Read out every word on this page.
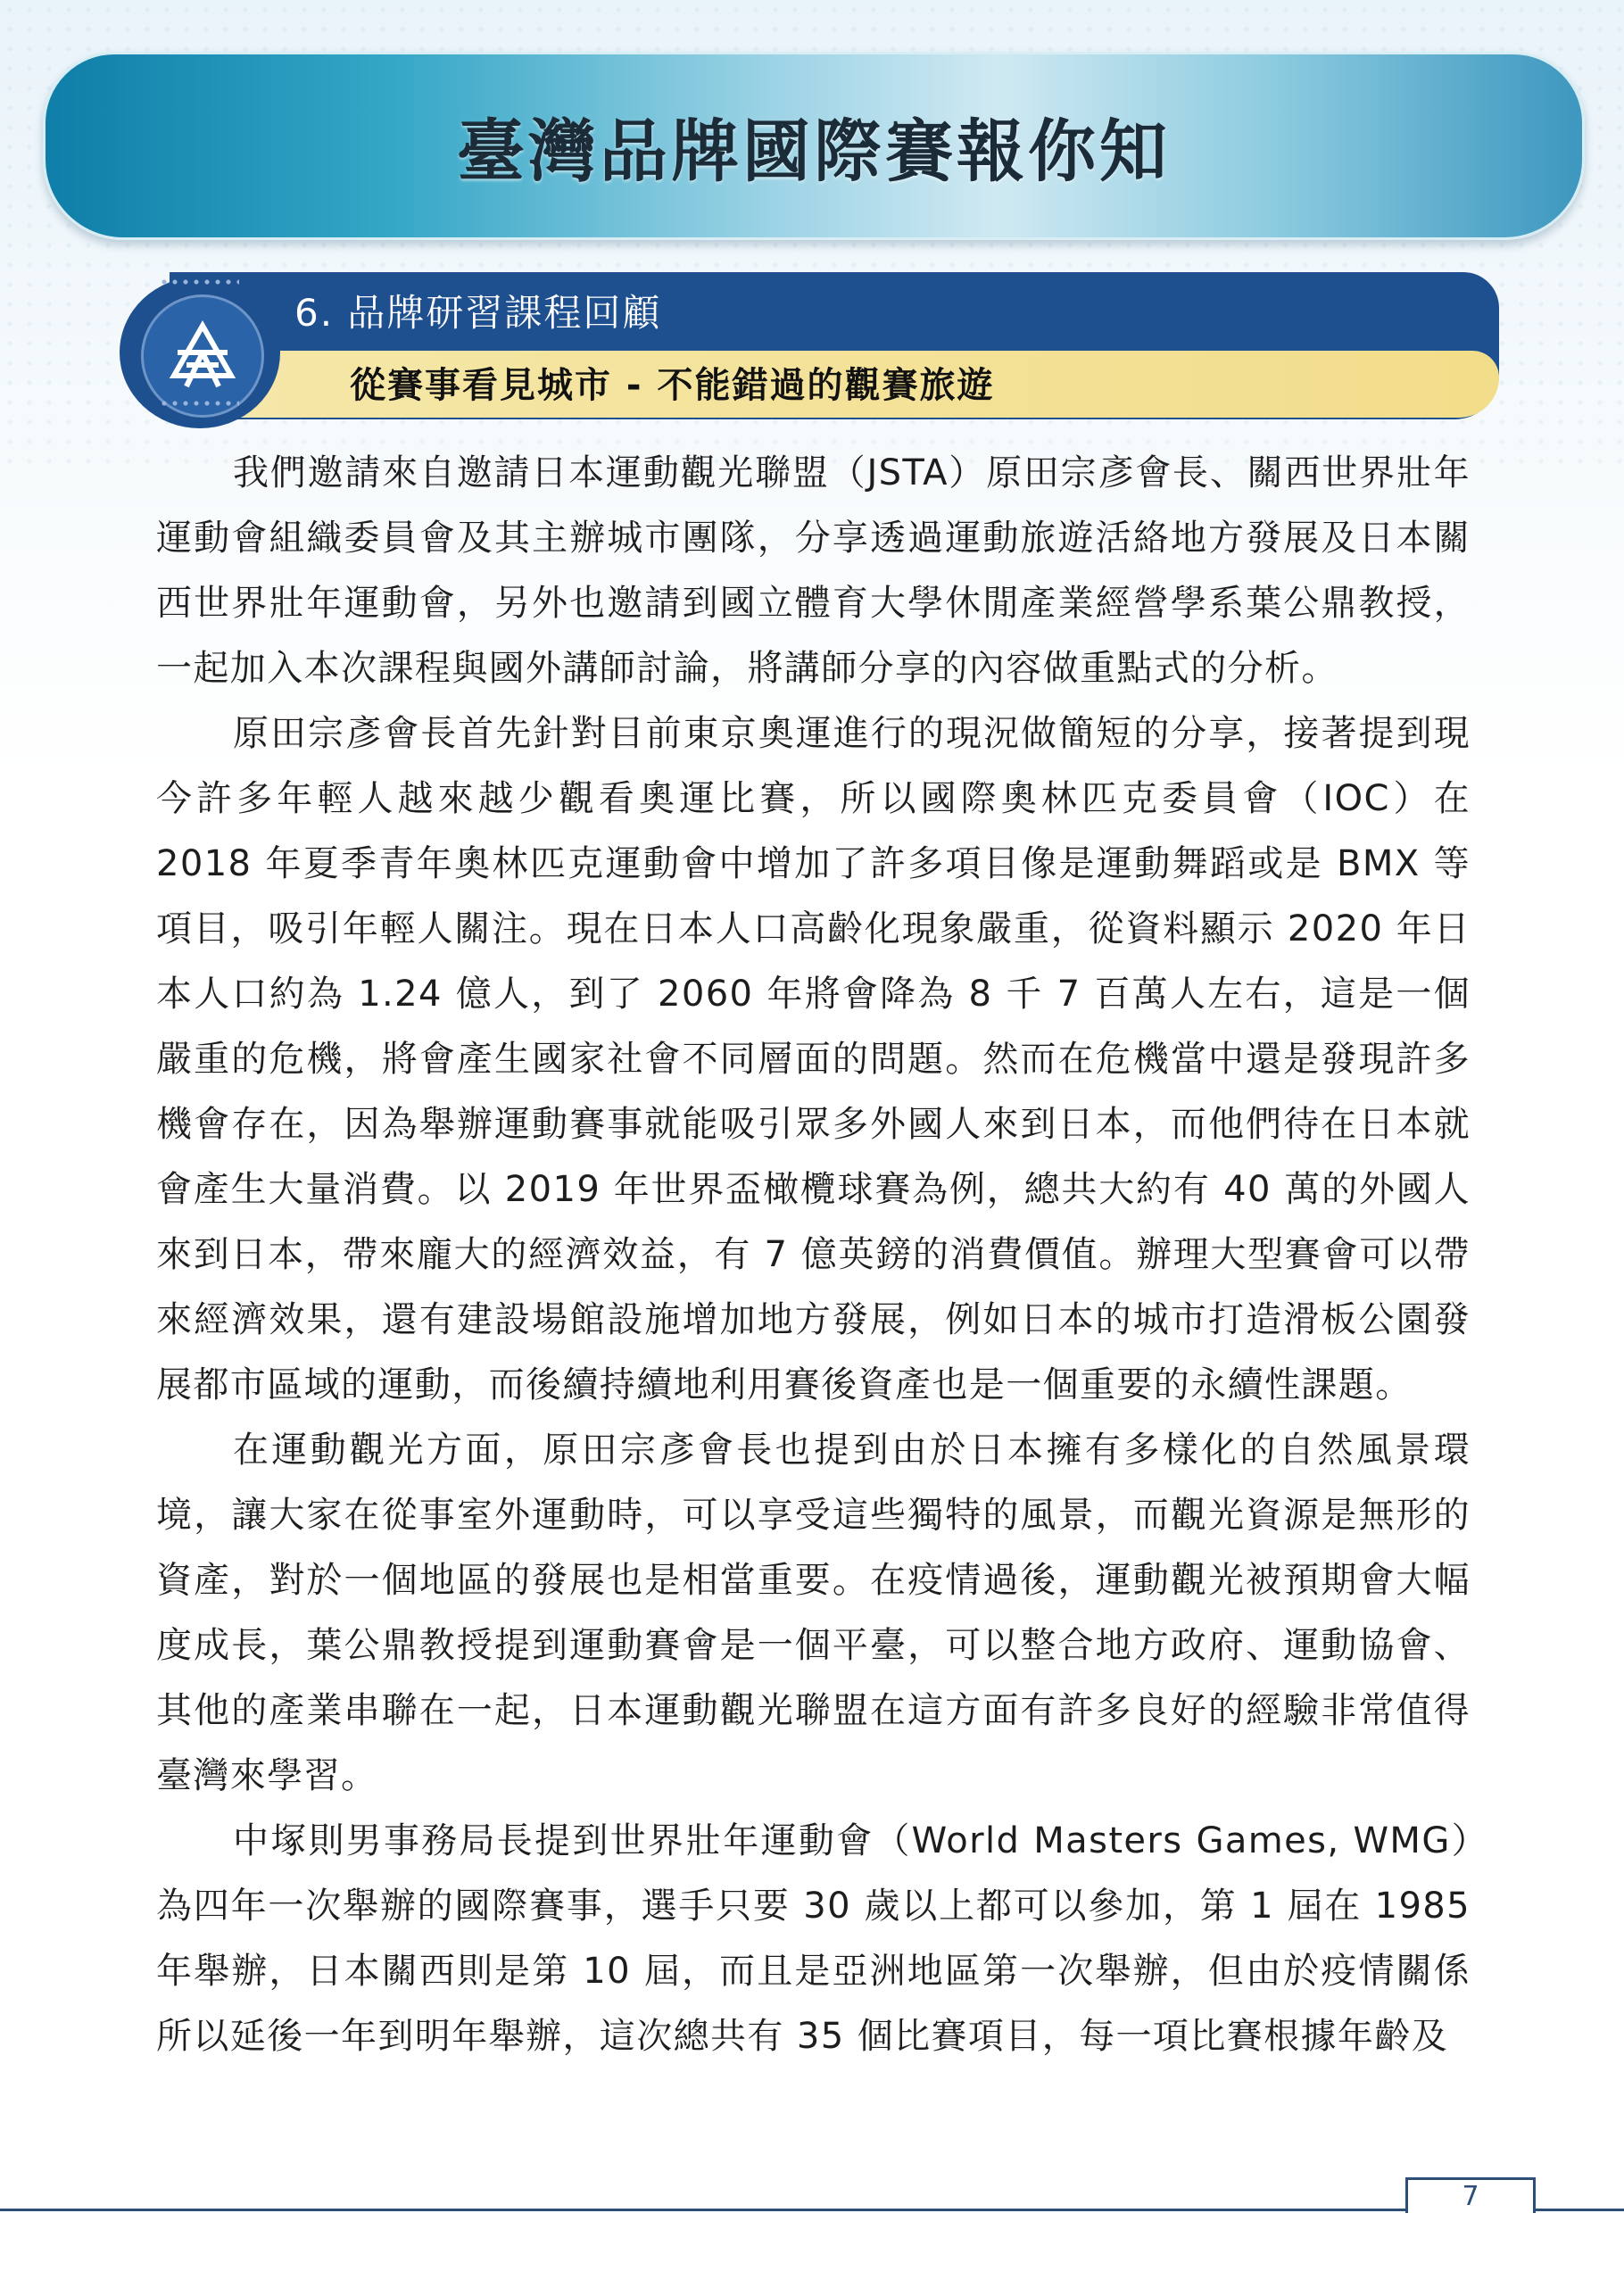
臺灣品牌國際賽報你知
6. 品牌研習課程回顧
從賽事看見城市 - 不能錯過的觀賽旅遊

我們邀請來自邀請日本運動觀光聯盟（JSTA）原田宗彥會長、關西世界壯年運動會組織委員會及其主辦城市團隊，分享透過運動旅遊活絡地方發展及日本關西世界壯年運動會，另外也邀請到國立體育大學休閒產業經營學系葉公鼎教授，一起加入本次課程與國外講師討論，將講師分享的內容做重點式的分析。

原田宗彥會長首先針對目前東京奧運進行的現況做簡短的分享，接著提到現今許多年輕人越來越少觀看奧運比賽，所以國際奧林匹克委員會（IOC）在 2018 年夏季青年奧林匹克運動會中增加了許多項目像是運動舞蹈或是 BMX 等項目，吸引年輕人關注。現在日本人口高齡化現象嚴重，從資料顯示 2020 年日本人口約為 1.24 億人，到了 2060 年將會降為 8 千 7 百萬人左右，這是一個嚴重的危機，將會產生國家社會不同層面的問題。然而在危機當中還是發現許多機會存在，因為舉辦運動賽事就能吸引眾多外國人來到日本，而他們待在日本就會產生大量消費。以 2019 年世界盃橄欖球賽為例，總共大約有 40 萬的外國人來到日本，帶來龐大的經濟效益，有 7 億英鎊的消費價值。辦理大型賽會可以帶來經濟效果，還有建設場館設施增加地方發展，例如日本的城市打造滑板公園發展都市區域的運動，而後續持續地利用賽後資產也是一個重要的永續性課題。

在運動觀光方面，原田宗彥會長也提到由於日本擁有多樣化的自然風景環境，讓大家在從事室外運動時，可以享受這些獨特的風景，而觀光資源是無形的資產，對於一個地區的發展也是相當重要。在疫情過後，運動觀光被預期會大幅度成長，葉公鼎教授提到運動賽會是一個平臺，可以整合地方政府、運動協會、其他的產業串聯在一起，日本運動觀光聯盟在這方面有許多良好的經驗非常值得臺灣來學習。

中塚則男事務局長提到世界壯年運動會（World Masters Games, WMG）為四年一次舉辦的國際賽事，選手只要 30 歲以上都可以參加，第 1 屆在 1985 年舉辦，日本關西則是第 10 屆，而且是亞洲地區第一次舉辦，但由於疫情關係所以延後一年到明年舉辦，這次總共有 35 個比賽項目，每一項比賽根據年齡及

7
